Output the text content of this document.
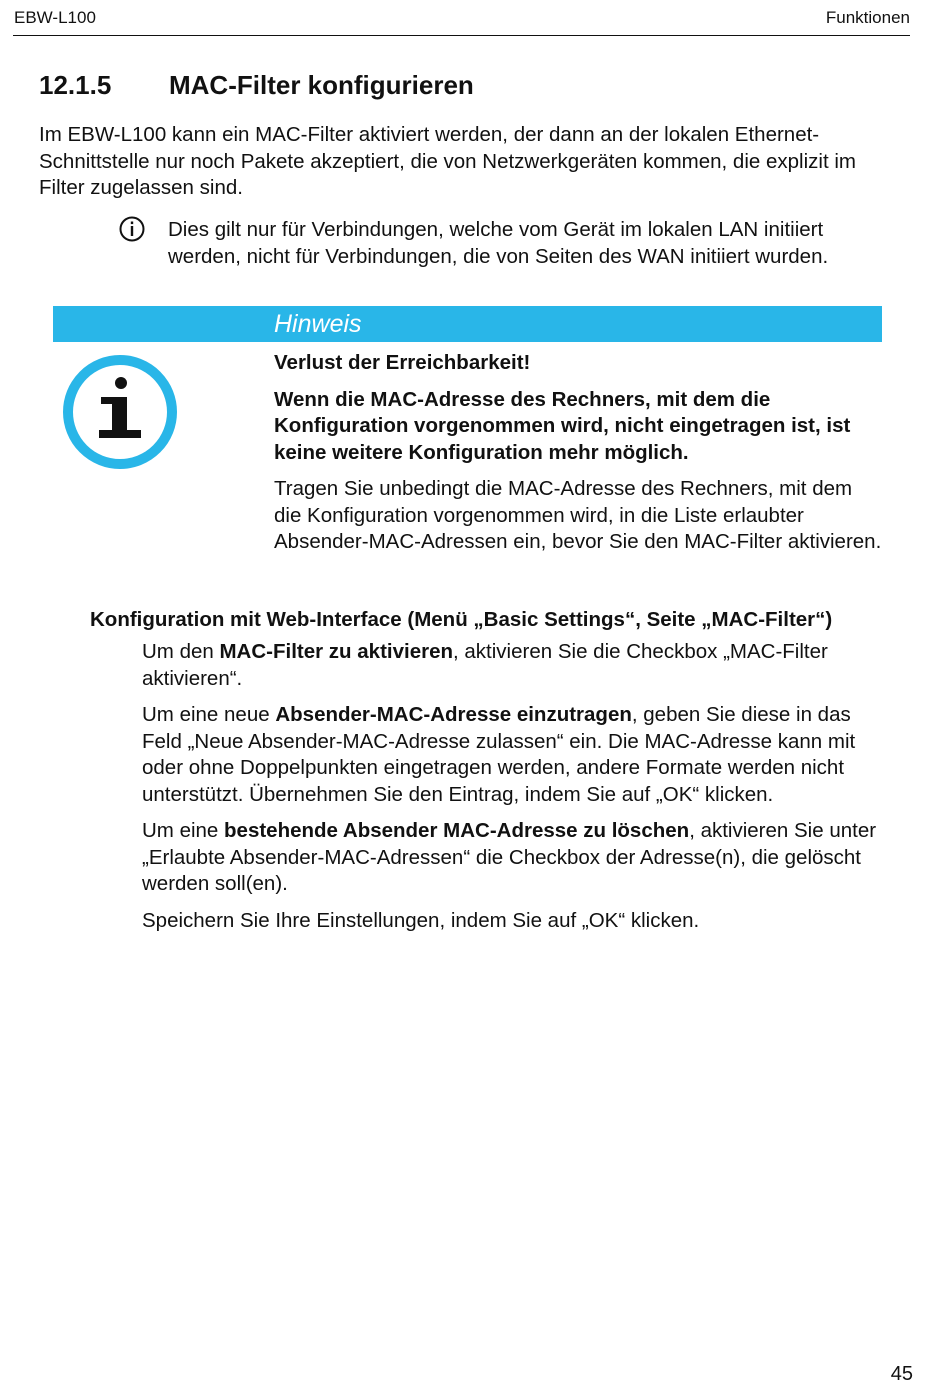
EBW-L100	Funktionen
12.1.5	MAC-Filter konfigurieren
Im EBW-L100 kann ein MAC-Filter aktiviert werden, der dann an der lokalen Ethernet-Schnittstelle nur noch Pakete akzeptiert, die von Netzwerkgeräten kommen, die explizit im Filter zugelassen sind.
Dies gilt nur für Verbindungen, welche vom Gerät im lokalen LAN initiiert werden, nicht für Verbindungen, die von Seiten des WAN initiiert wurden.
Hinweis

Verlust der Erreichbarkeit!

Wenn die MAC-Adresse des Rechners, mit dem die Konfiguration vorgenommen wird, nicht eingetragen ist, ist keine weitere Konfiguration mehr möglich.

Tragen Sie unbedingt die MAC-Adresse des Rechners, mit dem die Konfiguration vorgenommen wird, in die Liste erlaubter Absender-MAC-Adressen ein, bevor Sie den MAC-Filter aktivieren.

Konfiguration mit Web-Interface (Menü „Basic Settings“, Seite „MAC-Filter“)

Um den MAC-Filter zu aktivieren, aktivieren Sie die Checkbox „MAC-Filter aktivieren“.

Um eine neue Absender-MAC-Adresse einzutragen, geben Sie diese in das Feld „Neue Absender-MAC-Adresse zulassen“ ein. Die MAC-Adresse kann mit oder ohne Doppelpunkten eingetragen werden, andere Formate werden nicht unterstützt. Übernehmen Sie den Eintrag, indem Sie auf „OK“ klicken.

Um eine bestehende Absender MAC-Adresse zu löschen, aktivieren Sie unter „Erlaubte Absender-MAC-Adressen“ die Checkbox der Adresse(n), die gelöscht werden soll(en).

Speichern Sie Ihre Einstellungen, indem Sie auf „OK“ klicken.

45
